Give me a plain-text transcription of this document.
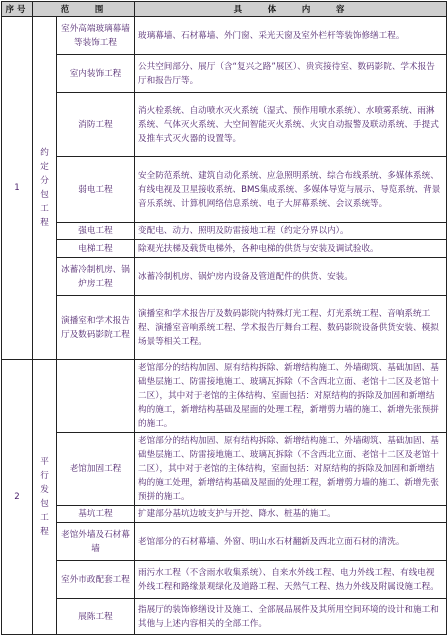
序号	范　　围		具　　体　　内　　容
1	约定分包工程	室外高端玻璃幕墙等装饰工程	玻璃幕墙、石材幕墙、外门窗、采光天窗及室外栏杆等装饰修缮工程。
		室内装饰工程	公共空间部分、展厅（含“复兴之路”展区）、贵宾接待室、数码影院、学术报告厅和报告厅等。
		消防工程	消火栓系统、自动喷水灭火系统（湿式、预作用喷水系统）、水喷雾系统、雨淋系统、气体灭火系统、大空间智能灭火系统、火灾自动报警及联动系统、手提式及推车式灭火器的设置等。
		弱电工程	安全防范系统、建筑自动化系统、应急照明系统、综合布线系统、多媒体系统、有线电视及卫星接收系统、BMS集成系统、多媒体导览与展示、导览系统、背景音乐系统、计算机网络信息系统、电子大屏幕系统、会议系统等。
		强电工程	变配电、动力、照明及防雷接地工程（约定分界以内）。
		电梯工程	除观光扶梯及载货电梯外，各种电梯的供货与安装及调试验收。
		冰蓄冷制机房、锅炉房工程	冰蓄冷制机房、锅炉房内设备及管道配件的供货、安装。
		演播室和学术报告厅及数码影院工程	演播室和学术报告厅及数码影院内特殊灯光工程、灯光系统工程、音响系统工程、演播室音响系统工程、学术报告厅舞台工程、数码影院设备供货安装、模拟场景等相关工程。
2	平行发包工程		老馆部分的结构加固、原有结构拆除、新增结构施工、外墙砌筑、基础加固、基础垫层施工、防雷接地施工、玻璃瓦拆除（不含西北立面、老馆十二区及老馆十二区），其中对于老馆的主体结构、室面包括：对原结构的拆除及加固和新增结构的施工，新增结构基础及屋面的处理工程，新增剪力墙的施工、新增先张预拼的施工。
		老馆加固工程	老馆部分的结构加固、原有结构拆除、新增结构施工、外墙砌筑、基础加固、基础垫层施工、防雷接地施工、玻璃瓦拆除（不含西北立面、老馆十二区及老馆十二区），其中对于老馆的主体结构，室面包括：对原结构的拆除及加固和新增结构的施工处理，新增结构基础及屋面的处理工程，新增剪力墙的施工、新增先张预拼的施工。
		基坑工程	扩建部分基坑边坡支护与开挖、降水、桩基的施工。
		老馆外墙及石材幕墙	老馆部分的石材幕墙、外窗、明山水石材翻新及西北立面石材的清洗。
		室外市政配套工程	雨污水工程（不含雨水收集系统）、自来水外线工程、电力外线工程、有线电视外线工程和路缘景观绿化及道路工程、天然气工程、热力外线及附属设施工程。
		展陈工程	指展厅的装饰修缮设计及施工、全部展品展件及其所用空间环境的设计和施工和其他与上述内容相关的全部工作。
